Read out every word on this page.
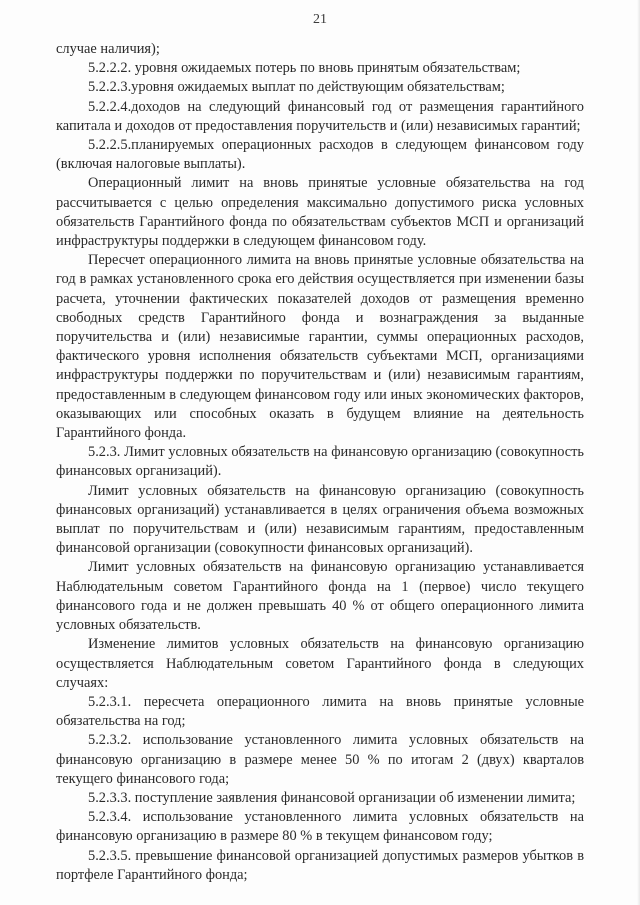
21

случае наличия);

5.2.2.2. уровня ожидаемых потерь по вновь принятым обязательствам;

5.2.2.3.уровня ожидаемых выплат по действующим обязательствам;

5.2.2.4.доходов на следующий финансовый год от размещения гарантийного капитала и доходов от предоставления поручительств и (или) независимых гарантий;

5.2.2.5.планируемых операционных расходов в следующем финансовом году (включая налоговые выплаты).

Операционный лимит на вновь принятые условные обязательства на год рассчитывается с целью определения максимально допустимого риска условных обязательств Гарантийного фонда по обязательствам субъектов МСП и организаций инфраструктуры поддержки в следующем финансовом году.

Пересчет операционного лимита на вновь принятые условные обязательства на год в рамках установленного срока его действия осуществляется при изменении базы расчета, уточнении фактических показателей доходов от размещения временно свободных средств Гарантийного фонда и вознаграждения за выданные поручительства и (или) независимые гарантии, суммы операционных расходов, фактического уровня исполнения обязательств субъектами МСП, организациями инфраструктуры поддержки по поручительствам и (или) независимым гарантиям, предоставленным в следующем финансовом году или иных экономических факторов, оказывающих или способных оказать в будущем влияние на деятельность Гарантийного фонда.

5.2.3. Лимит условных обязательств на финансовую организацию (совокупность финансовых организаций).

Лимит условных обязательств на финансовую организацию (совокупность финансовых организаций) устанавливается в целях ограничения объема возможных выплат по поручительствам и (или) независимым гарантиям, предоставленным финансовой организации (совокупности финансовых организаций).

Лимит условных обязательств на финансовую организацию устанавливается Наблюдательным советом Гарантийного фонда на 1 (первое) число текущего финансового года и не должен превышать 40 % от общего операционного лимита условных обязательств.

Изменение лимитов условных обязательств на финансовую организацию осуществляется Наблюдательным советом Гарантийного фонда в следующих случаях:

5.2.3.1. пересчета операционного лимита на вновь принятые условные обязательства на год;

5.2.3.2. использование установленного лимита условных обязательств на финансовую организацию в размере менее 50 % по итогам 2 (двух) кварталов текущего финансового года;

5.2.3.3. поступление заявления финансовой организации об изменении лимита;

5.2.3.4. использование установленного лимита условных обязательств на финансовую организацию в размере 80 % в текущем финансовом году;

5.2.3.5. превышение финансовой организацией допустимых размеров убытков в портфеле Гарантийного фонда;
